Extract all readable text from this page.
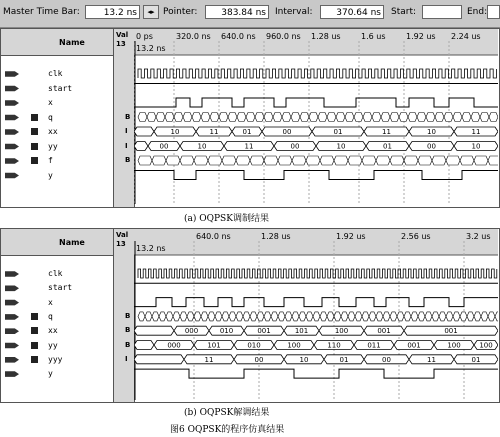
Master Time Bar:	13.2 ns	◂▸ Pointer:	383.84 ns	Interval:	370.64 ns	Start:	End:
Name
Val
13
clk
start
x
q	B
xx	I
yy	I
f	B
y
0 ps	320.0 ns 640.0 ns 960.0 ns 1.28 us	1.6 us	1.92 us 2.24 us
13.2 ns
10	11	01	00	01	11	10	11
00	10	11	00	10	01	00	10
(a) OQPSK调制结果
Name
Val
13
clk
start
x
q	B
xx	B
yy	B
yyy	I
y
640.0 ns	1.28 us	1.92 us	2.56 us	3.2 us
13.2 ns
000	010	001	101	100	001	001
000	101	010	100	110	011	001	100	100
11	00	10	01	00	11	01
(b) OQPSK解调结果
图6 OQPSK的程序仿真结果
